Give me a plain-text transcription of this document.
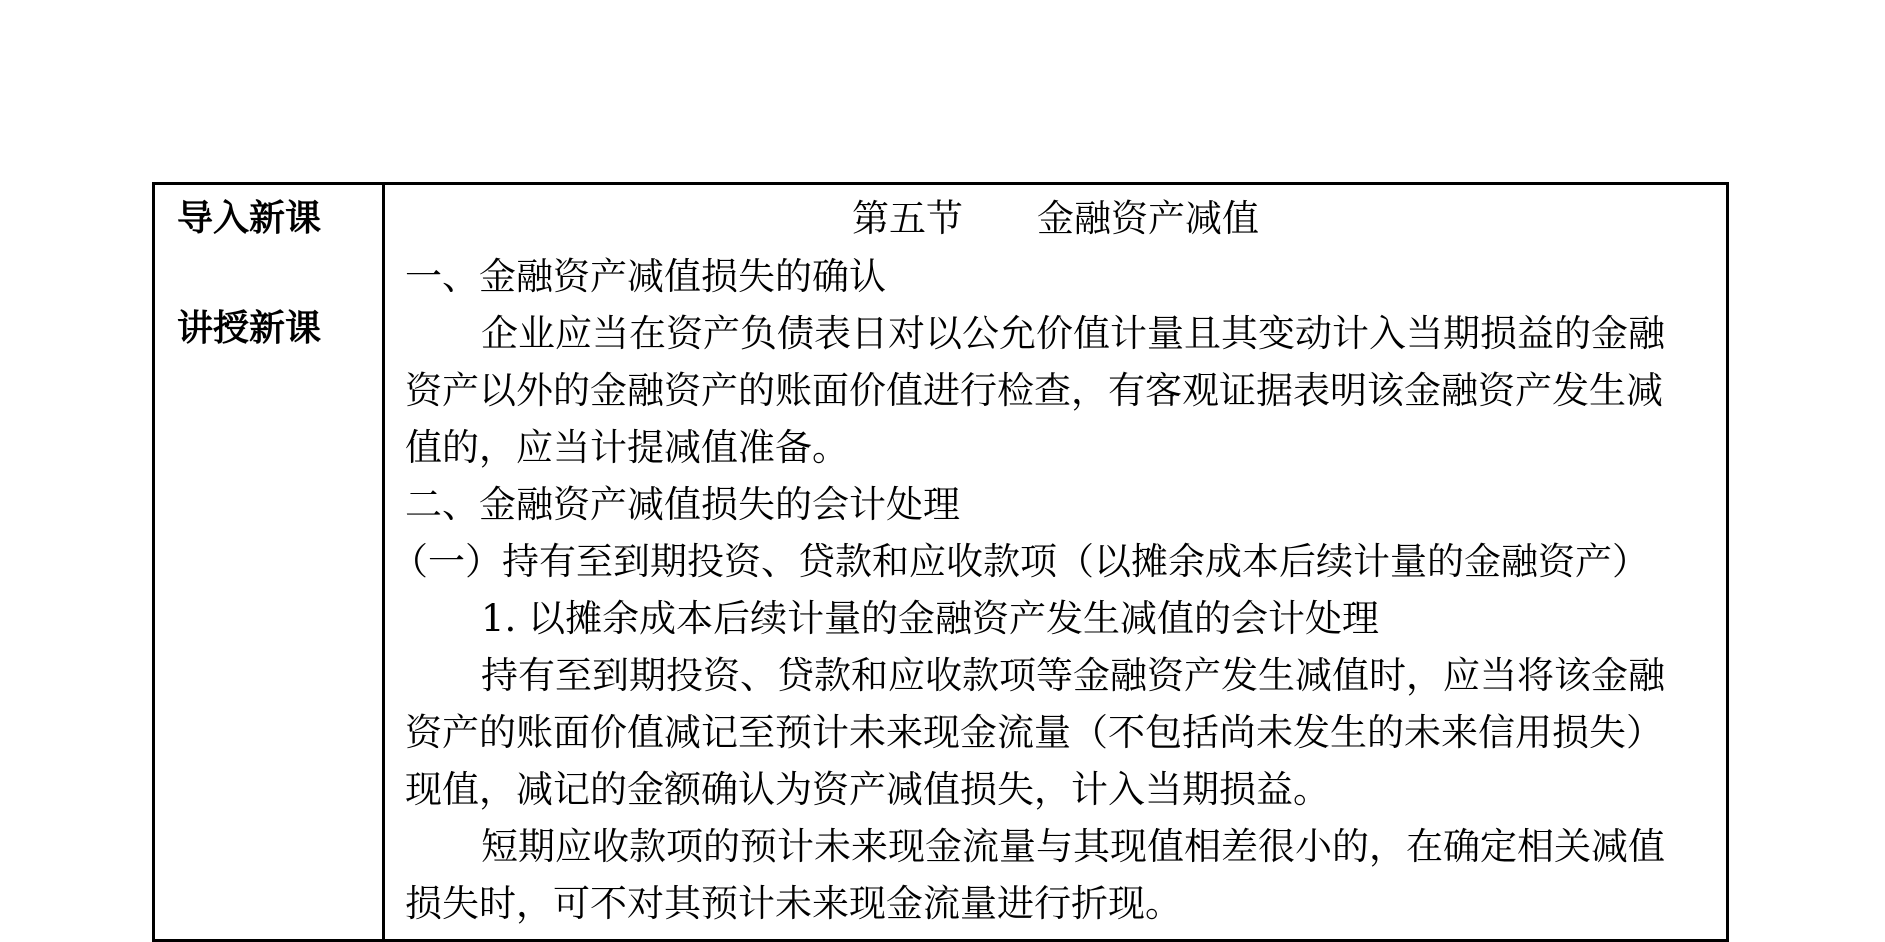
导入新课
讲授新课
第五节　　金融资产减值
一、金融资产减值损失的确认
企业应当在资产负债表日对以公允价值计量且其变动计入当期损益的金融
资产以外的金融资产的账面价值进行检查，有客观证据表明该金融资产发生减
值的，应当计提减值准备。
二、金融资产减值损失的会计处理
（一）持有至到期投资、贷款和应收款项（以摊余成本后续计量的金融资产）
1. 以摊余成本后续计量的金融资产发生减值的会计处理
持有至到期投资、贷款和应收款项等金融资产发生减值时，应当将该金融
资产的账面价值减记至预计未来现金流量（不包括尚未发生的未来信用损失）
现值，减记的金额确认为资产减值损失，计入当期损益。
短期应收款项的预计未来现金流量与其现值相差很小的，在确定相关减值
损失时，可不对其预计未来现金流量进行折现。
